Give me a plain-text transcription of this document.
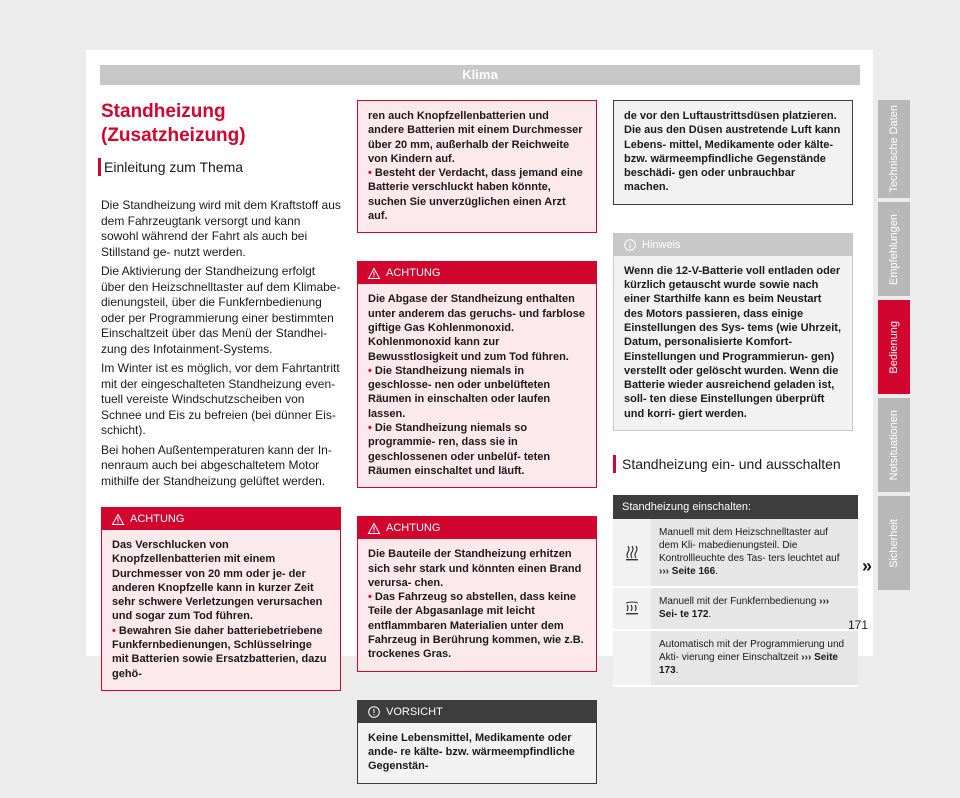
Klima
Standheizung (Zusatzheizung)
Einleitung zum Thema

Die Standheizung wird mit dem Kraftstoff aus dem Fahrzeugtank versorgt und kann sowohl während der Fahrt als auch bei Stillstand ge- nutzt werden.

Die Aktivierung der Standheizung erfolgt über den Heizschnelltaster auf dem Klimabe- dienungsteil, über die Funkfernbedienung oder per Programmierung einer bestimmten Einschaltzeit über das Menü der Standhei- zung des Infotainment-Systems.

Im Winter ist es möglich, vor dem Fahrtantritt mit der eingeschalteten Standheizung even- tuell vereiste Windschutzscheiben von Schnee und Eis zu befreien (bei dünner Eis- schicht).

Bei hohen Außentemperaturen kann der In- nenraum auch bei abgeschaltetem Motor mithilfe der Standheizung gelüftet werden.

ACHTUNG
Das Verschlucken von Knopfzellenbatterien mit einem Durchmesser von 20 mm oder je- der anderen Knopfzelle kann in kurzer Zeit sehr schwere Verletzungen verursachen und sogar zum Tod führen.
• Bewahren Sie daher batteriebetriebene Funkfernbedienungen, Schlüsselringe mit Batterien sowie Ersatzbatterien, dazu gehö-
ren auch Knopfzellenbatterien und andere Batterien mit einem Durchmesser über 20 mm, außerhalb der Reichweite von Kindern auf.
• Besteht der Verdacht, dass jemand eine Batterie verschluckt haben könnte, suchen Sie unverzüglichen einen Arzt auf.
ACHTUNG
Die Abgase der Standheizung enthalten unter anderem das geruchs- und farblose giftige Gas Kohlenmonoxid. Kohlenmonoxid kann zur Bewusstlosigkeit und zum Tod führen.
• Die Standheizung niemals in geschlosse- nen oder unbelüfteten Räumen in einschalten oder laufen lassen.
• Die Standheizung niemals so programmie- ren, dass sie in geschlossenen oder unbelüf- teten Räumen einschaltet und läuft.
ACHTUNG
Die Bauteile der Standheizung erhitzen sich sehr stark und könnten einen Brand verursa- chen.
• Das Fahrzeug so abstellen, dass keine Teile der Abgasanlage mit leicht entflammbaren Materialien unter dem Fahrzeug in Berührung kommen, wie z.B. trockenes Gras.
VORSICHT
Keine Lebensmittel, Medikamente oder ande- re kälte- bzw. wärmeempfindliche Gegenstän-
de vor den Luftaustrittsdüsen platzieren. Die aus den Düsen austretende Luft kann Lebens- mittel, Medikamente oder kälte- bzw. wärmeempfindliche Gegenstände beschädi- gen oder unbrauchbar machen.
Hinweis
Wenn die 12-V-Batterie voll entladen oder kürzlich getauscht wurde sowie nach einer Starthilfe kann es beim Neustart des Motors passieren, dass einige Einstellungen des Sys- tems (wie Uhrzeit, Datum, personalisierte Komfort-Einstellungen und Programmierun- gen) verstellt oder gelöscht wurden. Wenn die Batterie wieder ausreichend geladen ist, soll- ten diese Einstellungen überprüft und korri- giert werden.
Standheizung ein- und ausschalten
Standheizung einschalten:
Manuell mit dem Heizschnelltaster auf dem Kli- mabedienungsteil. Die Kontrollleuchte des Tas- ters leuchtet auf ››› Seite 166.
Manuell mit der Funkfernbedienung ››› Sei- te 172.
Automatisch mit der Programmierung und Akti- vierung einer Einschaltzeit ››› Seite 173.
»
Technische Daten
Empfehlungen
Bedienung
Notsituationen
Sicherheit
171
